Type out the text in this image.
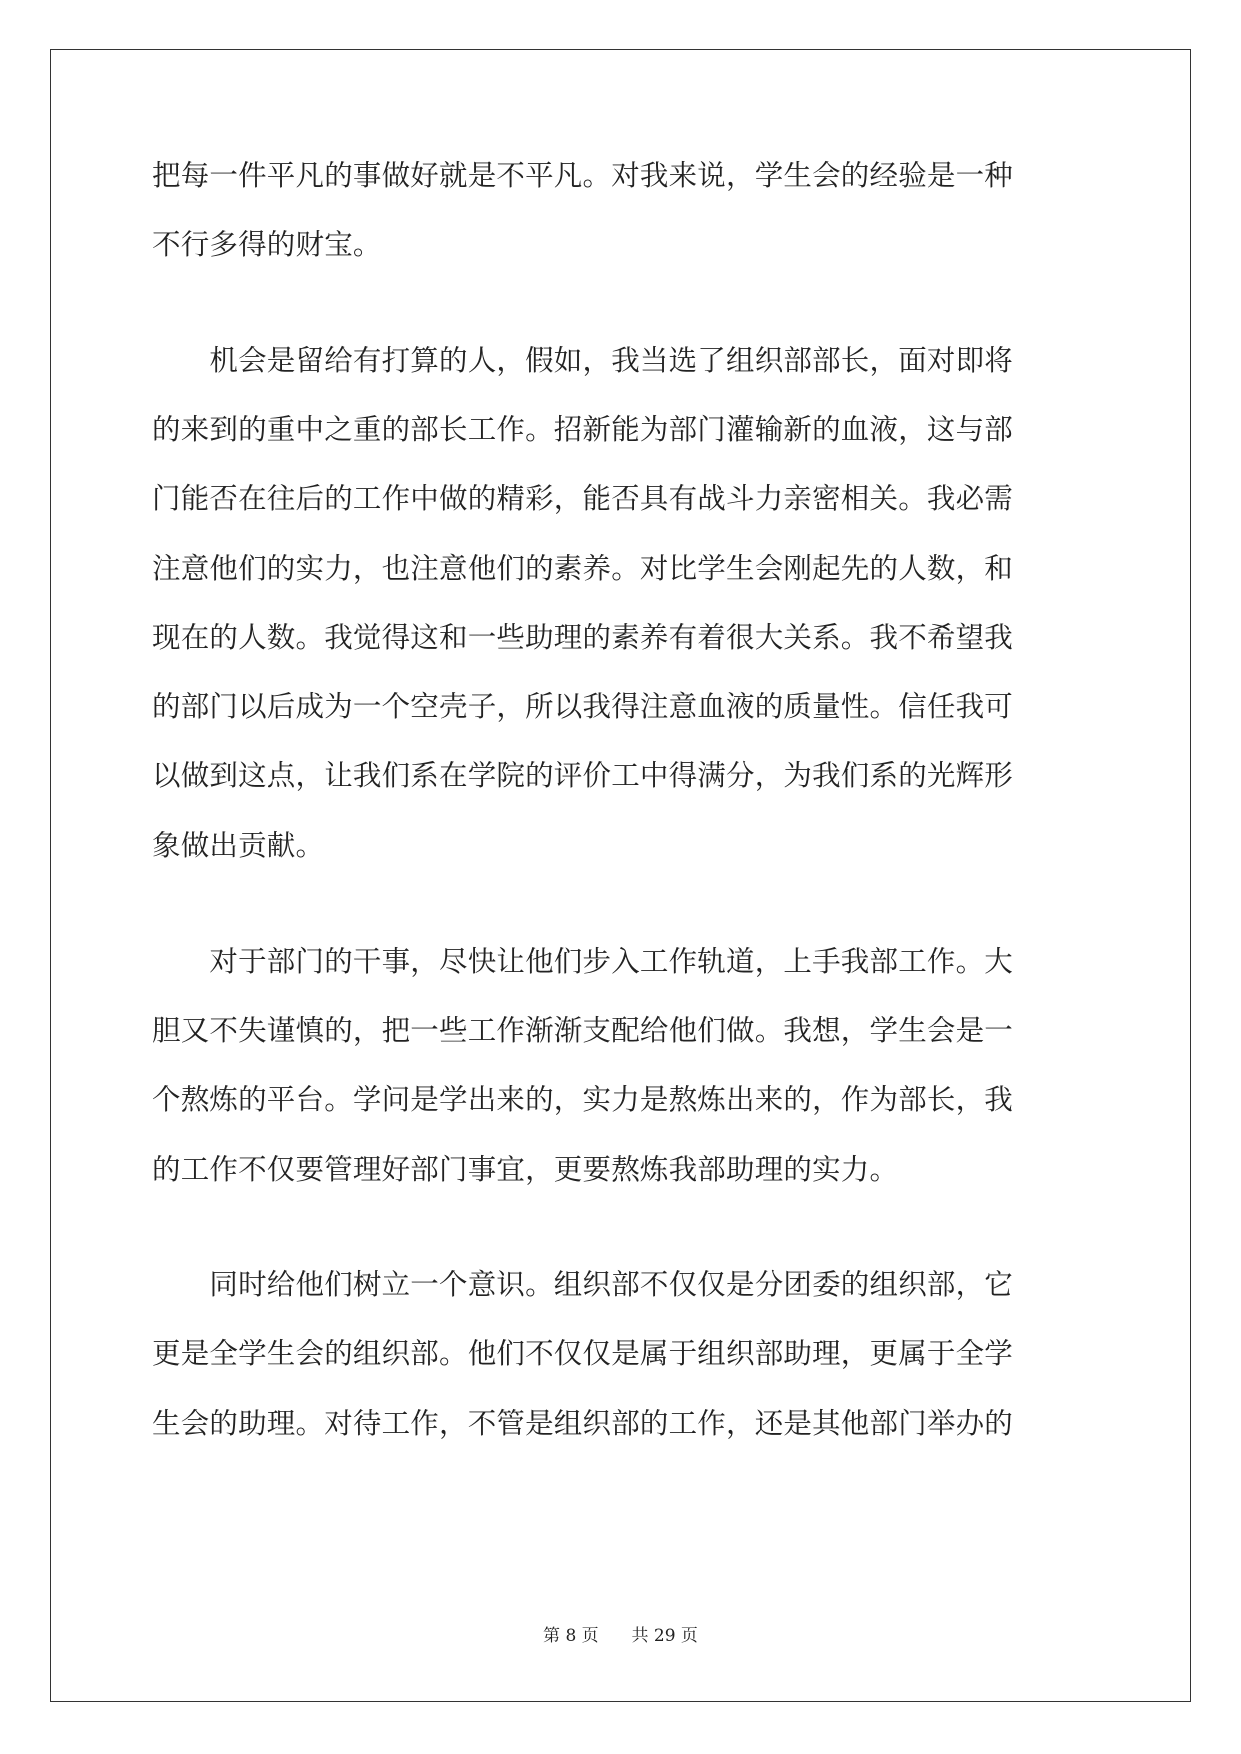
把每一件平凡的事做好就是不平凡。对我来说，学生会的经验是一种
不行多得的财宝。
　　机会是留给有打算的人，假如，我当选了组织部部长，面对即将
的来到的重中之重的部长工作。招新能为部门灌输新的血液，这与部
门能否在往后的工作中做的精彩，能否具有战斗力亲密相关。我必需
注意他们的实力，也注意他们的素养。对比学生会刚起先的人数，和
现在的人数。我觉得这和一些助理的素养有着很大关系。我不希望我
的部门以后成为一个空壳子，所以我得注意血液的质量性。信任我可
以做到这点，让我们系在学院的评价工中得满分，为我们系的光辉形
象做出贡献。
　　对于部门的干事，尽快让他们步入工作轨道，上手我部工作。大
胆又不失谨慎的，把一些工作渐渐支配给他们做。我想，学生会是一
个熬炼的平台。学问是学出来的，实力是熬炼出来的，作为部长，我
的工作不仅要管理好部门事宜，更要熬炼我部助理的实力。
　　同时给他们树立一个意识。组织部不仅仅是分团委的组织部，它
更是全学生会的组织部。他们不仅仅是属于组织部助理，更属于全学
生会的助理。对待工作，不管是组织部的工作，还是其他部门举办的
第 8 页 共 29 页
